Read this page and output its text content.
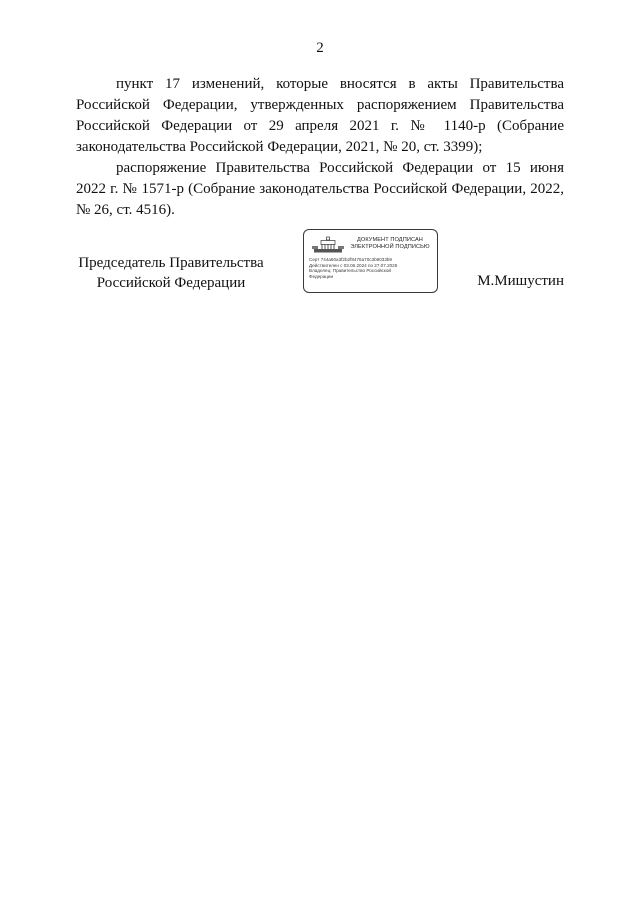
2

пункт 17 изменений, которые вносятся в акты Правительства Российской Федерации, утвержденных распоряжением Правительства Российской Федерации от 29 апреля 2021 г. № 1140-р (Собрание законодательства Российской Федерации, 2021, № 20, ст. 3399);

распоряжение Правительства Российской Федерации от 15 июня 2022 г. № 1571-р (Собрание законодательства Российской Федерации, 2022, № 26, ст. 4516).

Председатель Правительства
Российской Федерации
ДОКУМЕНТ ПОДПИСАН
ЭЛЕКТРОННОЙ ПОДПИСЬЮ
Серт 744a60a3f2b2f8476a70c3b9033b9
Действителен с 03.06.2024 по 27.07.2025
Владелец: Правительство Российской
Федерации	М.Мишустин
